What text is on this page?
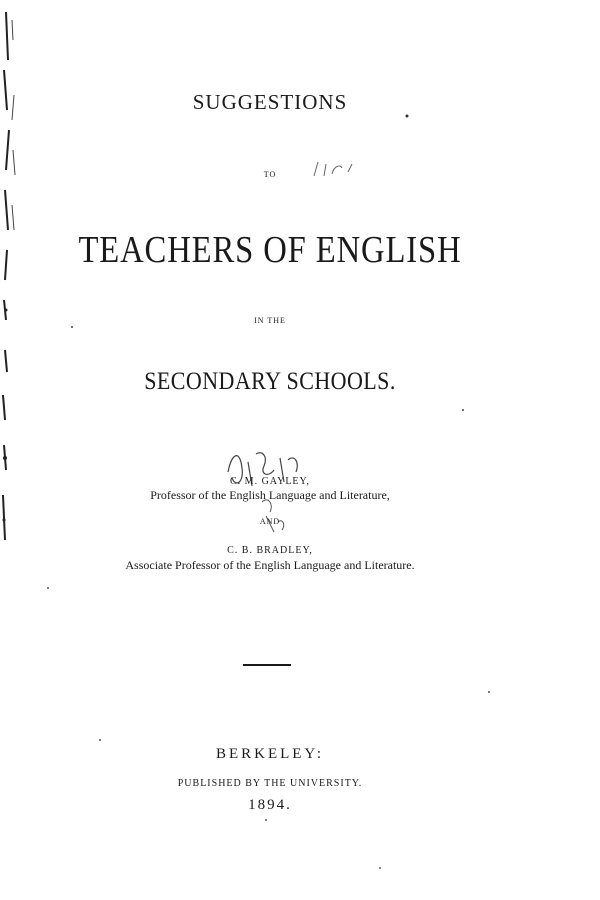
SUGGESTIONS
TO
TEACHERS OF ENGLISH
IN THE
SECONDARY SCHOOLS.
C. M. GAYLEY,
Professor of the English Language and Literature,
AND
C. B. BRADLEY,
Associate Professor of the English Language and Literature.
BERKELEY:
PUBLISHED BY THE UNIVERSITY.
1894.
